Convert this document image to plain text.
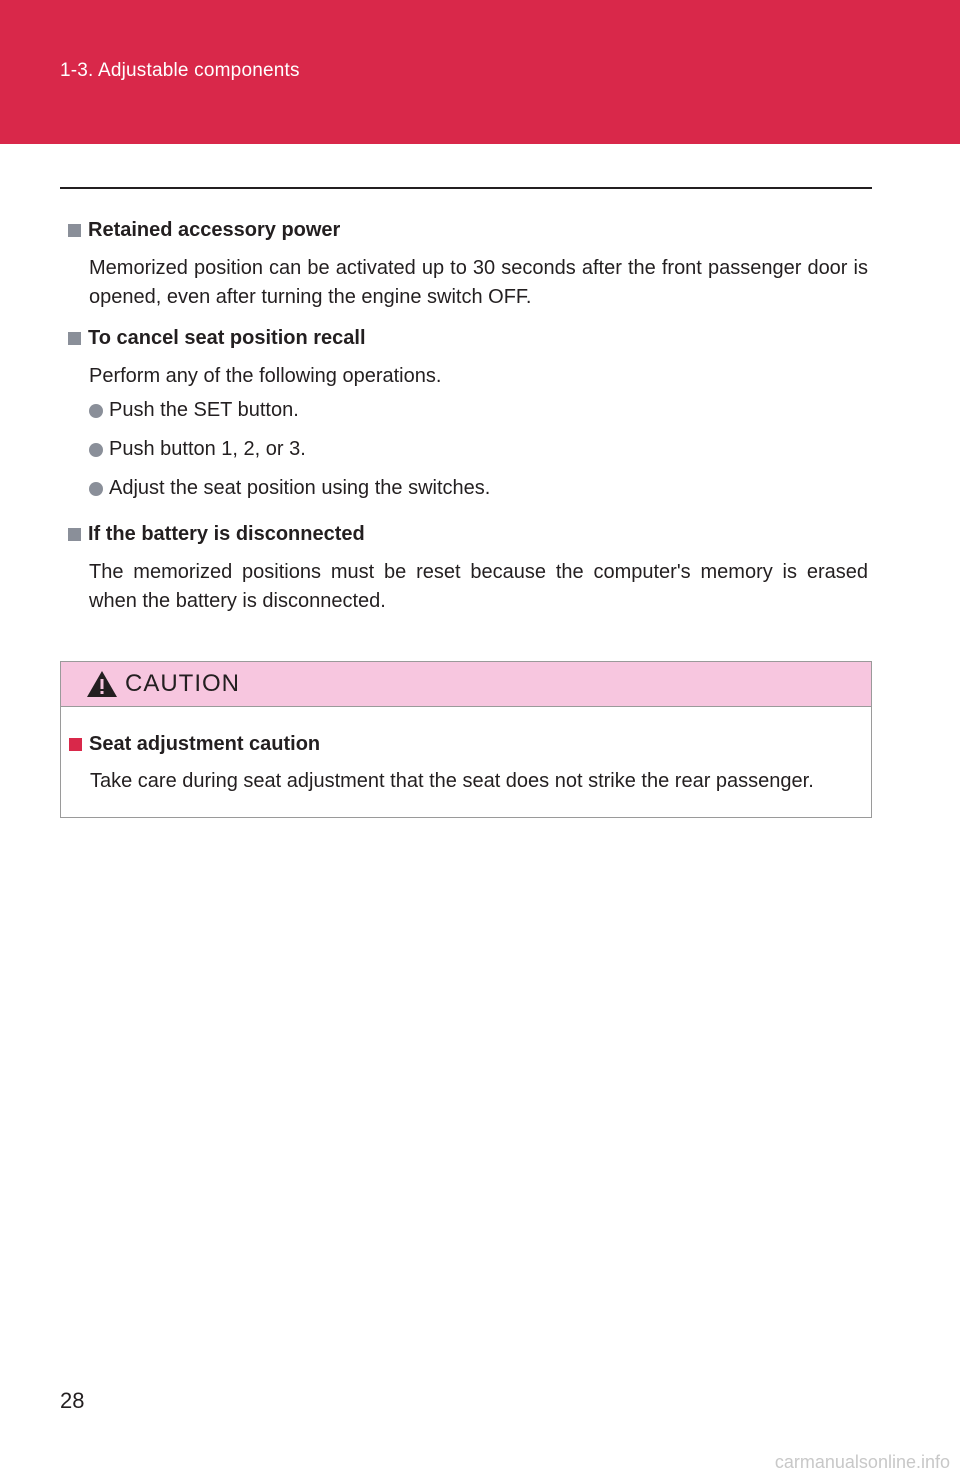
1-3. Adjustable components
Retained accessory power
Memorized position can be activated up to 30 seconds after the front passenger door is opened, even after turning the engine switch OFF.
To cancel seat position recall
Perform any of the following operations.
Push the SET button.
Push button 1, 2, or 3.
Adjust the seat position using the switches.
If the battery is disconnected
The memorized positions must be reset because the computer's memory is erased when the battery is disconnected.
CAUTION
Seat adjustment caution
Take care during seat adjustment that the seat does not strike the rear passenger.
28
carmanualsonline.info
